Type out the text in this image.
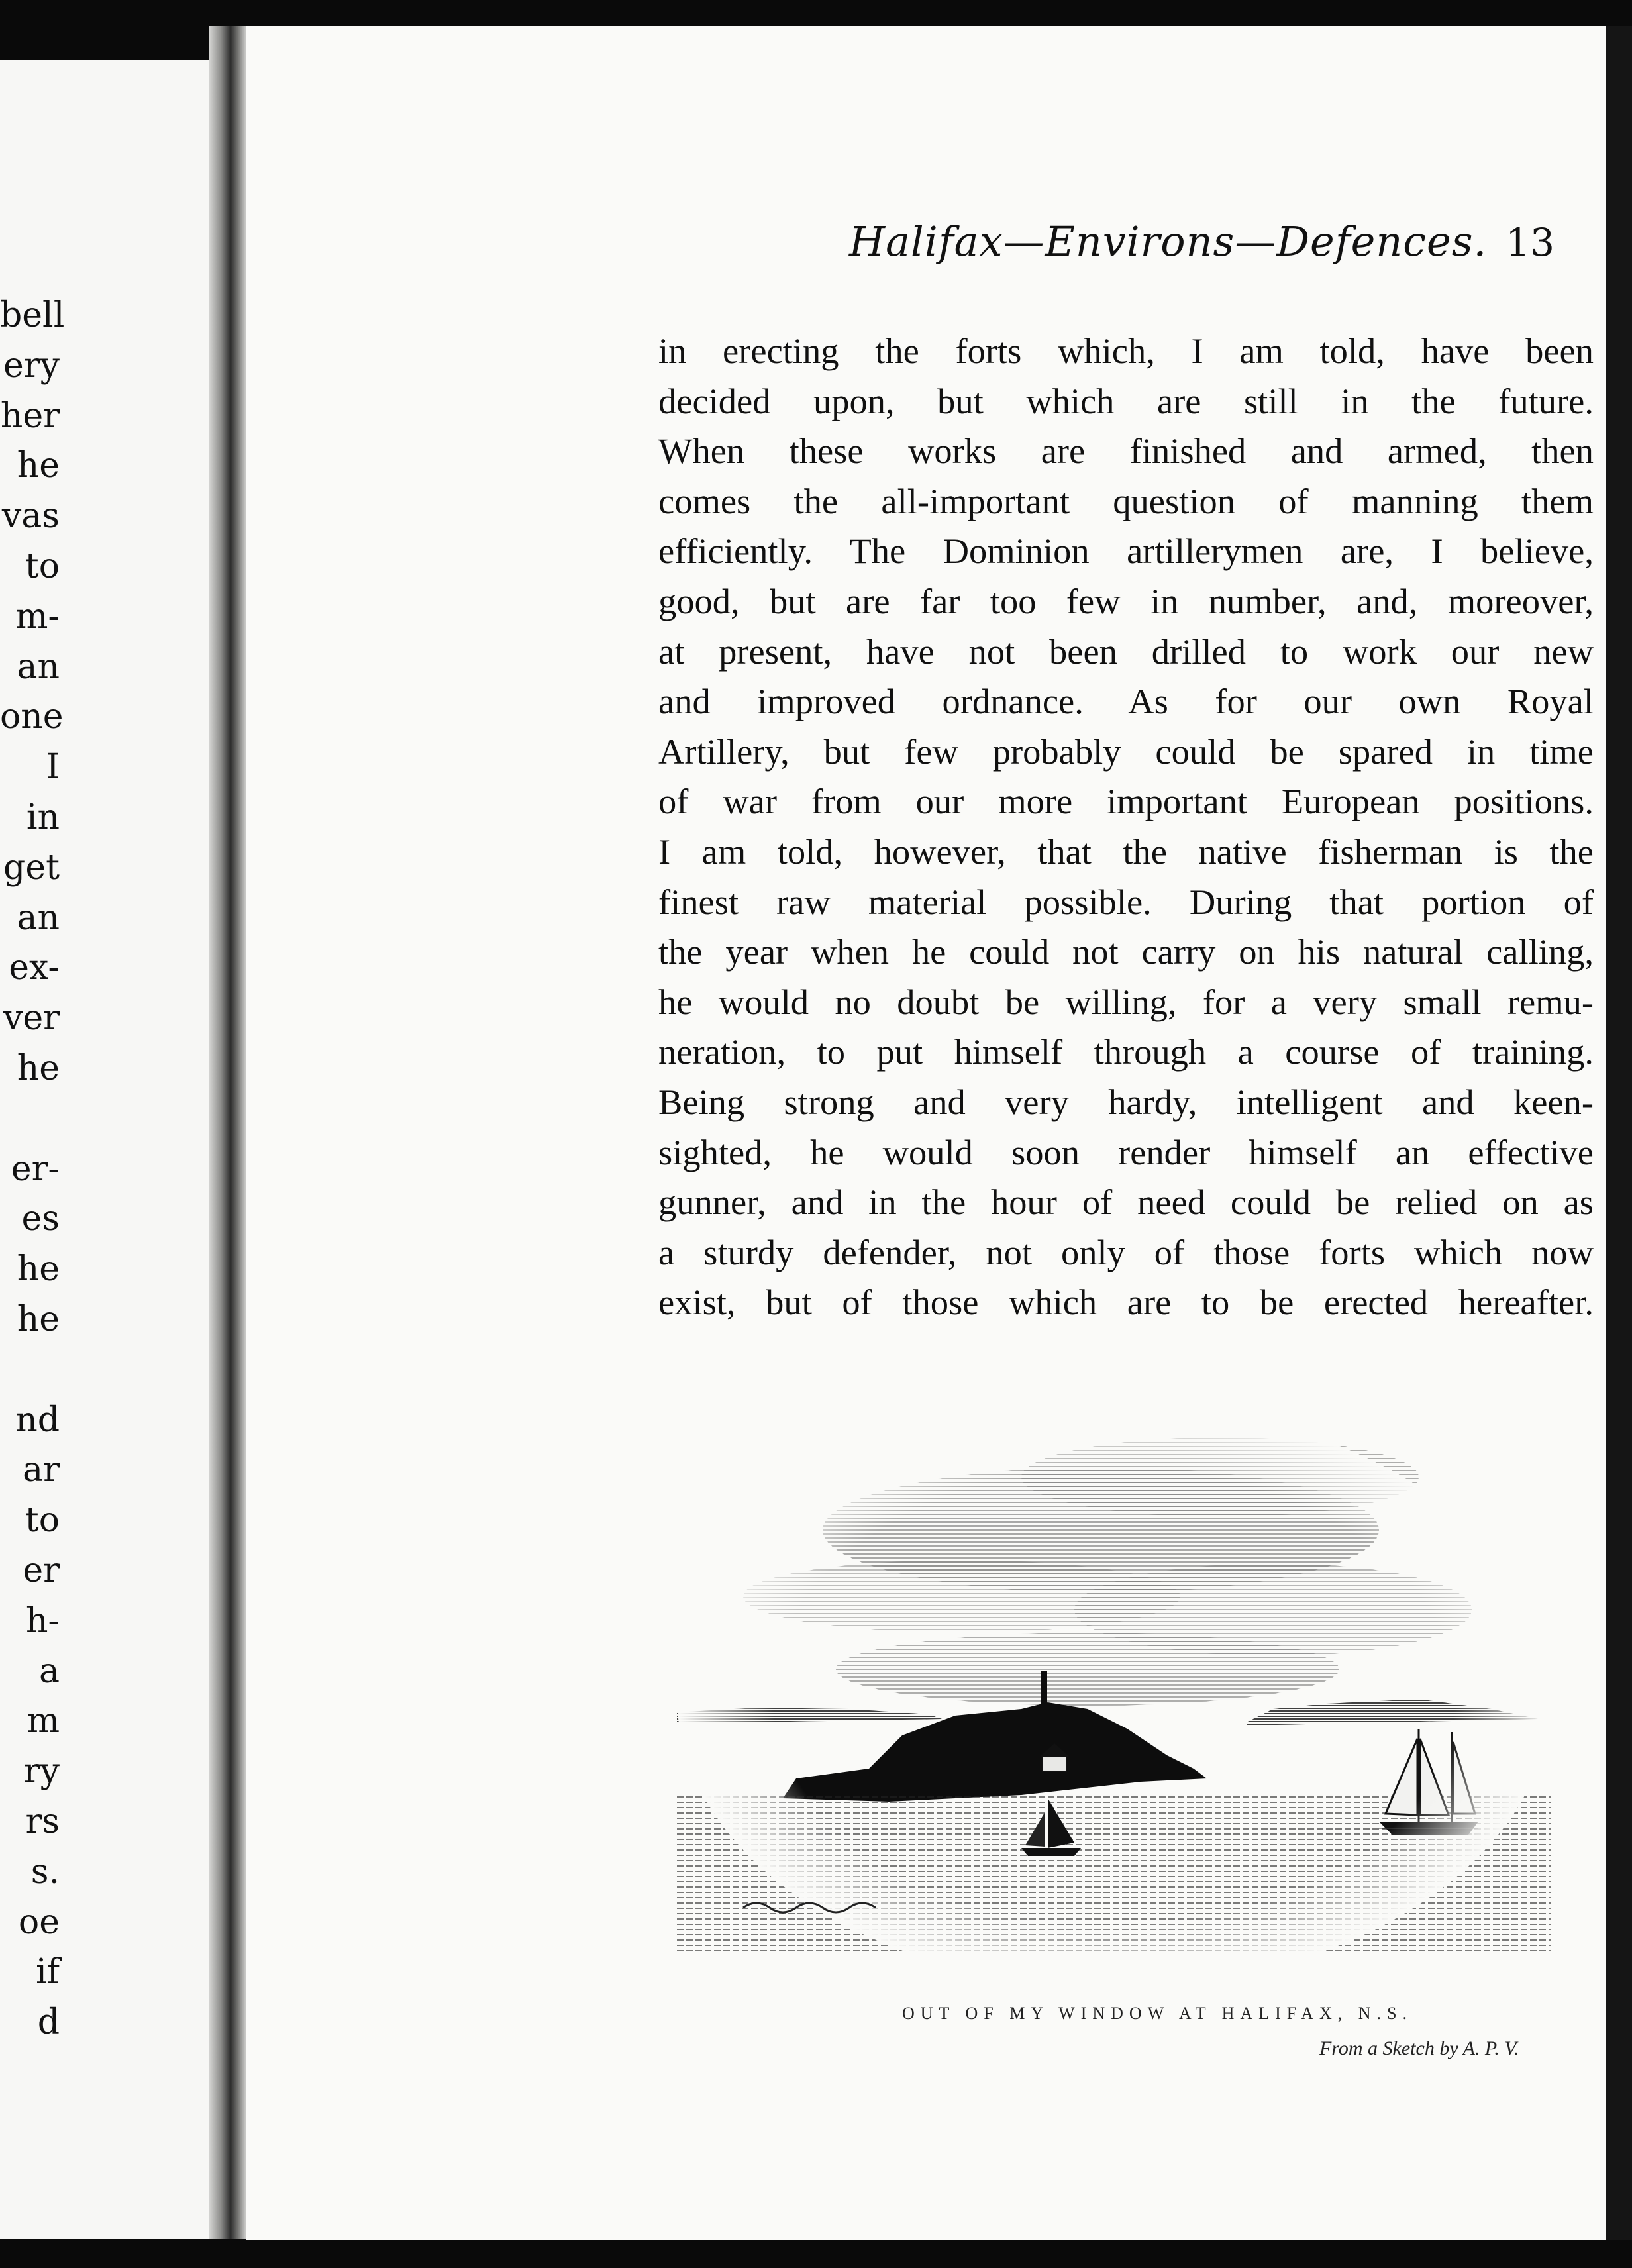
bell
ery
her
he
vas
to
m-
an
one
I
in
get
an
ex-
ver
he
er-
es
he
he
nd
ar
to
er
h-
a
m
ry
rs
s.
oe
if
d
Halifax—Environs—Defences. 13
in erecting the forts which, I am told, have been
decided upon, but which are still in the future.
When these works are finished and armed, then
comes the all-important question of manning them
efficiently. The Dominion artillerymen are, I believe,
good, but are far too few in number, and, moreover,
at present, have not been drilled to work our new
and improved ordnance. As for our own Royal
Artillery, but few probably could be spared in time
of war from our more important European positions.
I am told, however, that the native fisherman is the
finest raw material possible. During that portion of
the year when he could not carry on his natural calling,
he would no doubt be willing, for a very small remu-
neration, to put himself through a course of training.
Being strong and very hardy, intelligent and keen-
sighted, he would soon render himself an effective
gunner, and in the hour of need could be relied on as
a sturdy defender, not only of those forts which now
exist, but of those which are to be erected hereafter.
OUT OF MY WINDOW AT HALIFAX, N.S.
From a Sketch by A. P. V.
